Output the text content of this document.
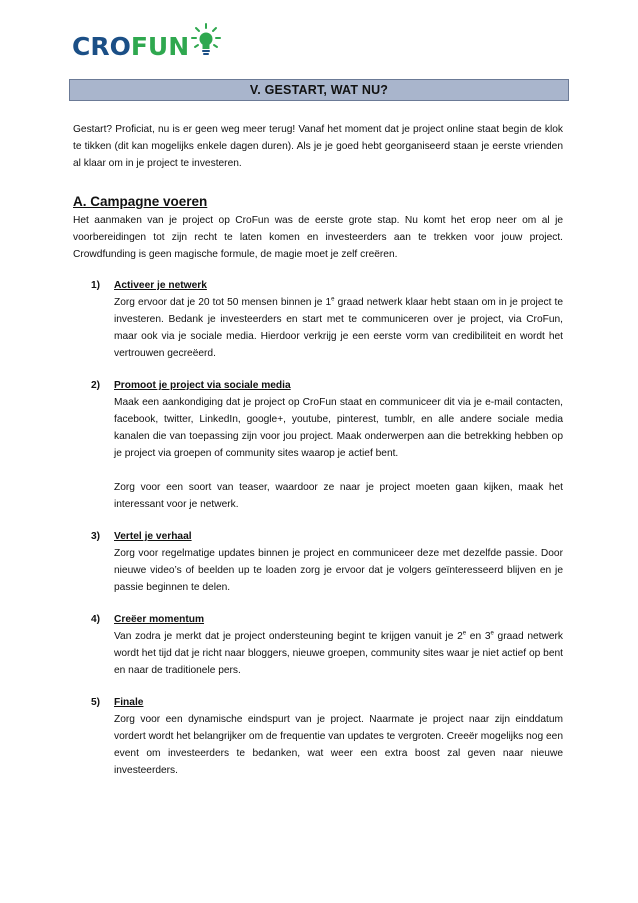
CROFUN
V. GESTART, WAT NU?

Gestart? Proficiat, nu is er geen weg meer terug! Vanaf het moment dat je project online staat begin de klok te tikken (dit kan mogelijks enkele dagen duren). Als je je goed hebt georganiseerd staan je eerste vrienden al klaar om in je project te investeren.

A. Campagne voeren

Het aanmaken van je project op CroFun was de eerste grote stap. Nu komt het erop neer om al je voorbereidingen tot zijn recht te laten komen en investeerders aan te trekken voor jouw project. Crowdfunding is geen magische formule, de magie moet je zelf creëren.

1) Activeer je netwerk

Zorg ervoor dat je 20 tot 50 mensen binnen je 1e graad netwerk klaar hebt staan om in je project te investeren. Bedank je investeerders en start met te communiceren over je project, via CroFun, maar ook via je sociale media. Hierdoor verkrijg je een eerste vorm van credibiliteit en wordt het vertrouwen gecreëerd.

2) Promoot je project via sociale media

Maak een aankondiging dat je project op CroFun staat en communiceer dit via je e-mail contacten, facebook, twitter, LinkedIn, google+, youtube, pinterest, tumblr, en alle andere sociale media kanalen die van toepassing zijn voor jou project. Maak onderwerpen aan die betrekking hebben op je project via groepen of community sites waarop je actief bent.

Zorg voor een soort van teaser, waardoor ze naar je project moeten gaan kijken, maak het interessant voor je netwerk.

3) Vertel je verhaal

Zorg voor regelmatige updates binnen je project en communiceer deze met dezelfde passie. Door nieuwe video’s of beelden up te loaden zorg je ervoor dat je volgers geïnteresseerd blijven en je passie beginnen te delen.

4) Creëer momentum

Van zodra je merkt dat je project ondersteuning begint te krijgen vanuit je 2e en 3e graad netwerk wordt het tijd dat je richt naar bloggers, nieuwe groepen, community sites waar je niet actief op bent en naar de traditionele pers.

5) Finale

Zorg voor een dynamische eindspurt van je project. Naarmate je project naar zijn einddatum vordert wordt het belangrijker om de frequentie van updates te vergroten. Creeër mogelijks nog een event om investeerders te bedanken, wat weer een extra boost zal geven naar nieuwe investeerders.
